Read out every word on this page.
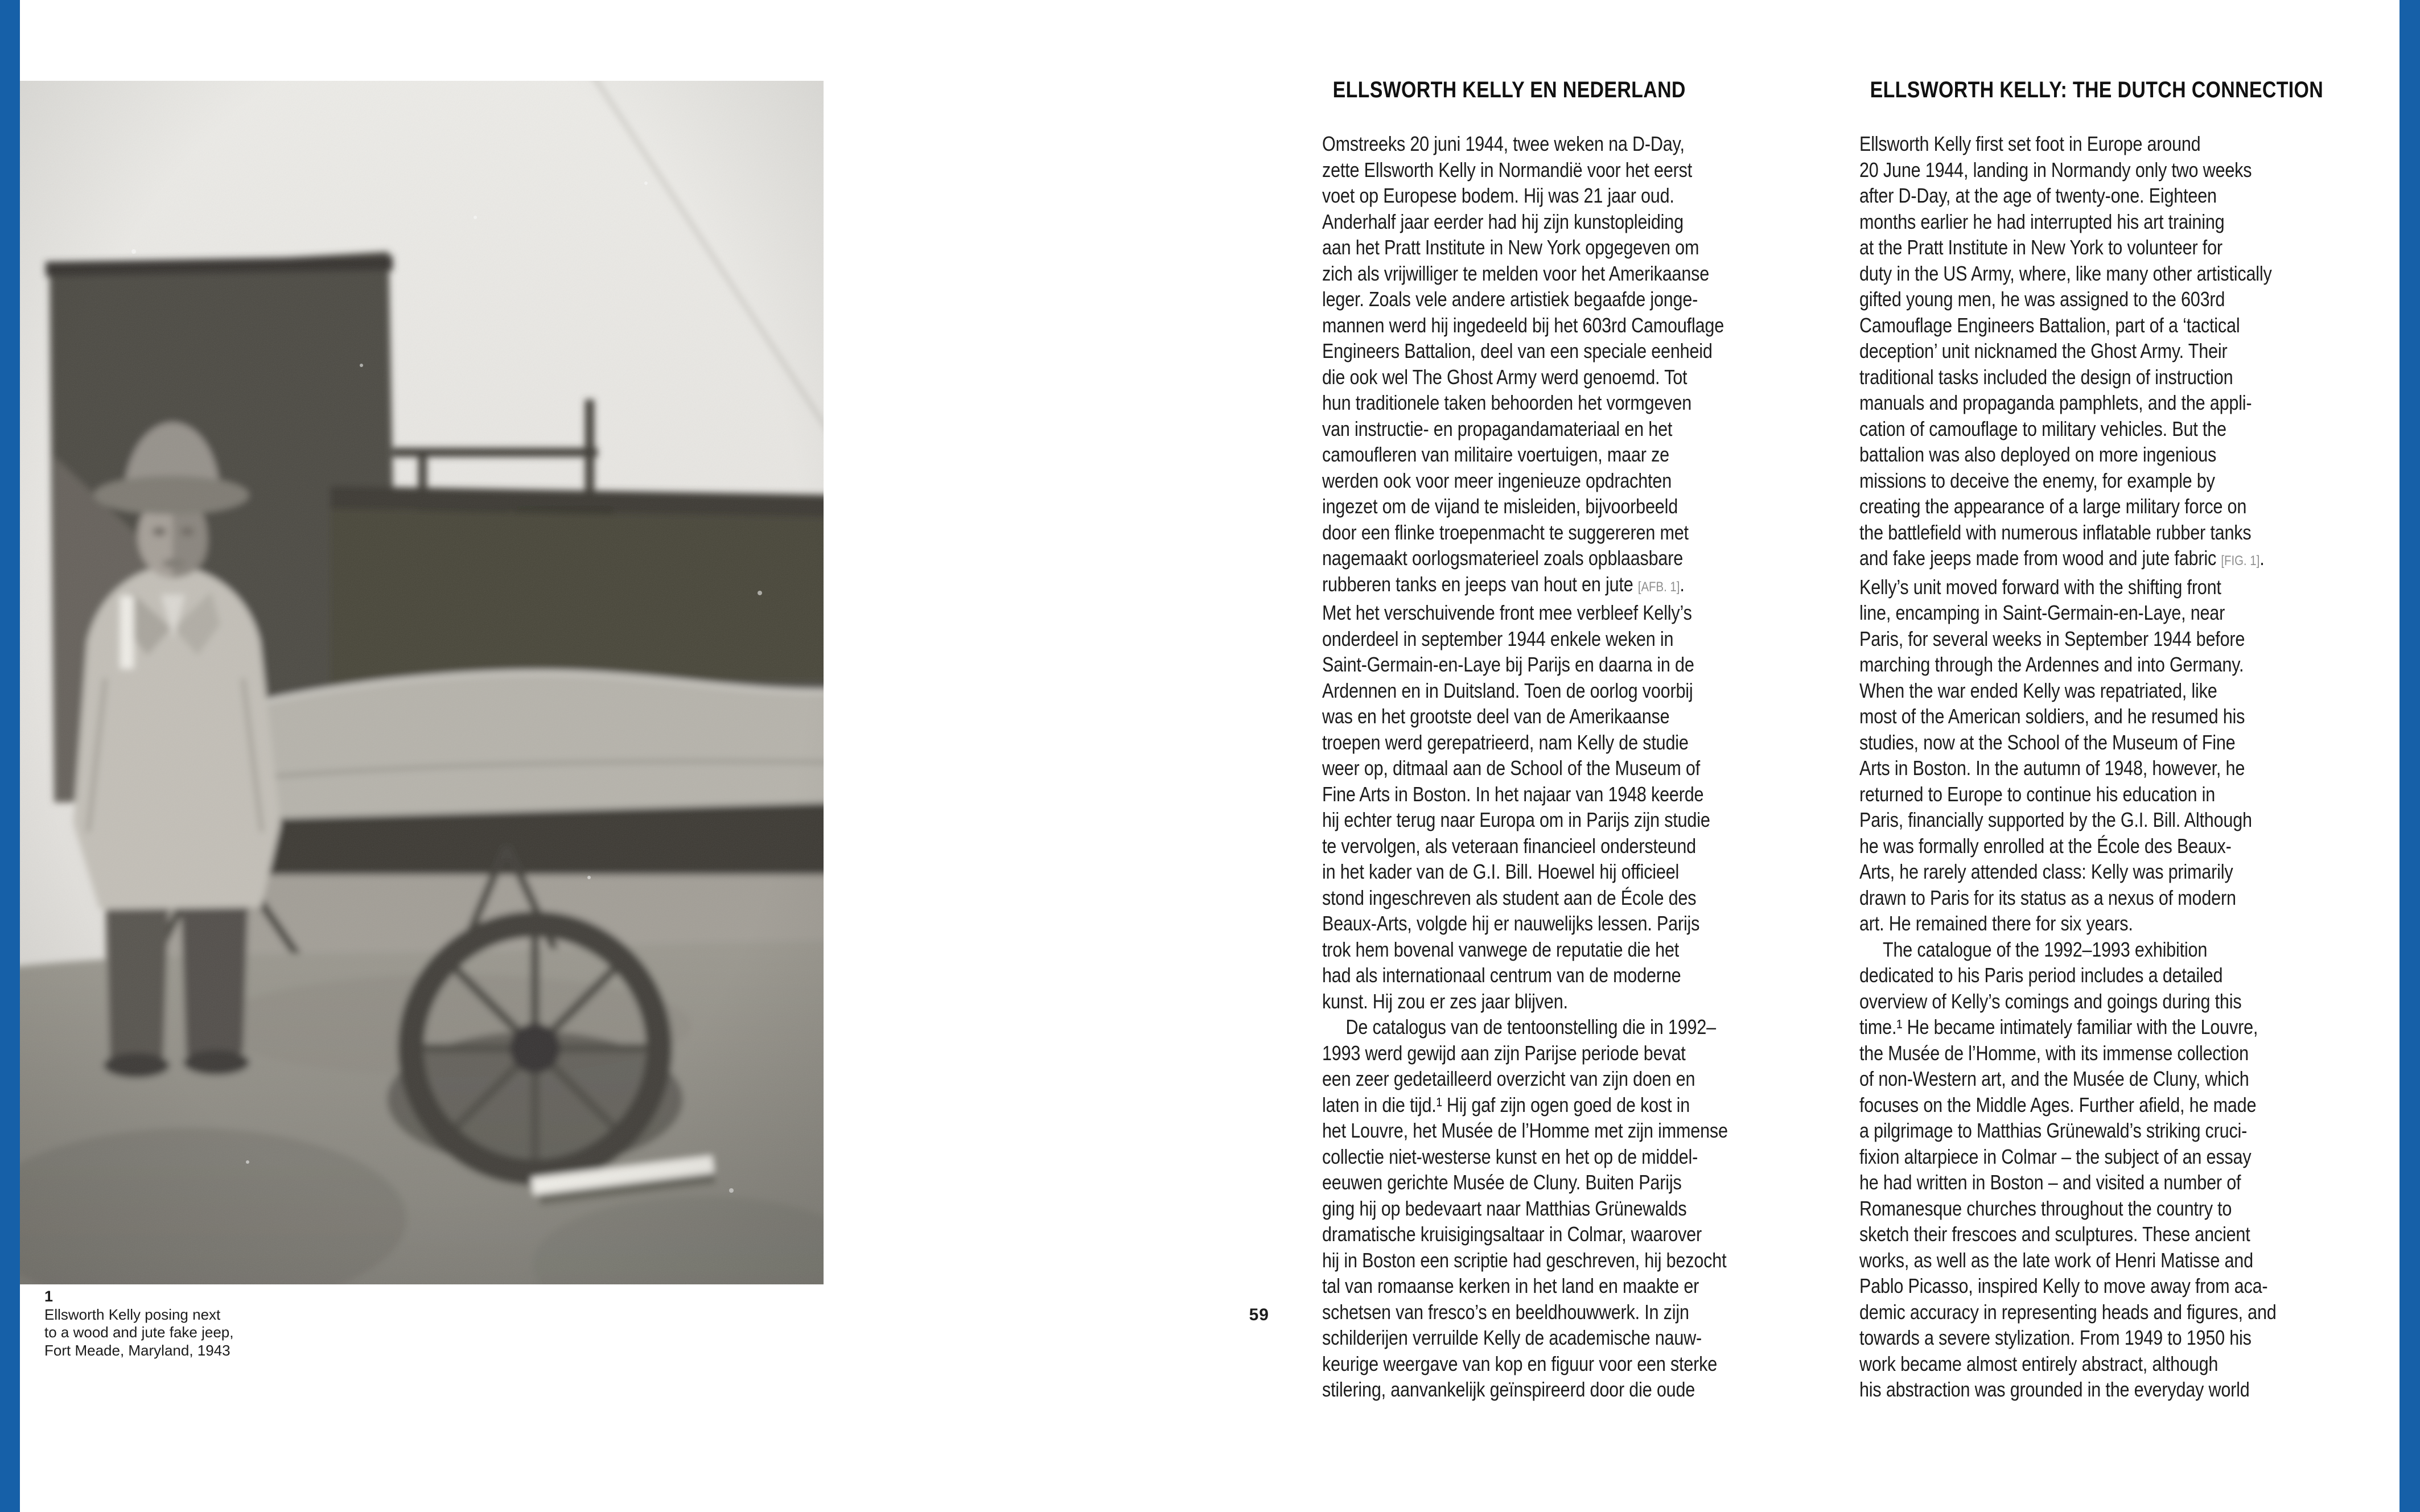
1
Ellsworth Kelly posing next
to a wood and jute fake jeep,
Fort Meade, Maryland, 1943
59
ELLSWORTH KELLY EN NEDERLAND
Omstreeks 20 juni 1944, twee weken na D-Day,
zette Ellsworth Kelly in Normandië voor het eerst
voet op Europese bodem. Hij was 21 jaar oud.
Anderhalf jaar eerder had hij zijn kunstopleiding
aan het Pratt Institute in New York opgegeven om
zich als vrijwilliger te melden voor het Amerikaanse
leger. Zoals vele andere artistiek begaafde jonge-
mannen werd hij ingedeeld bij het 603rd Camouflage
Engineers Battalion, deel van een speciale eenheid
die ook wel The Ghost Army werd genoemd. Tot
hun traditionele taken behoorden het vormgeven
van instructie- en propagandamateriaal en het
camoufleren van militaire voertuigen, maar ze
werden ook voor meer ingenieuze opdrachten
ingezet om de vijand te misleiden, bijvoorbeeld
door een flinke troepenmacht te suggereren met
nagemaakt oorlogsmaterieel zoals opblaasbare
rubberen tanks en jeeps van hout en jute [AFB. 1].
Met het verschuivende front mee verbleef Kelly’s
onderdeel in september 1944 enkele weken in
Saint-Germain-en-Laye bij Parijs en daarna in de
Ardennen en in Duitsland. Toen de oorlog voorbij
was en het grootste deel van de Amerikaanse
troepen werd gerepatrieerd, nam Kelly de studie
weer op, ditmaal aan de School of the Museum of
Fine Arts in Boston. In het najaar van 1948 keerde
hij echter terug naar Europa om in Parijs zijn studie
te vervolgen, als veteraan financieel ondersteund
in het kader van de G.I. Bill. Hoewel hij officieel
stond ingeschreven als student aan de École des
Beaux-Arts, volgde hij er nauwelijks lessen. Parijs
trok hem bovenal vanwege de reputatie die het
had als internationaal centrum van de moderne
kunst. Hij zou er zes jaar blijven.
De catalogus van de tentoonstelling die in 1992–
1993 werd gewijd aan zijn Parijse periode bevat
een zeer gedetailleerd overzicht van zijn doen en
laten in die tijd.¹ Hij gaf zijn ogen goed de kost in
het Louvre, het Musée de l’Homme met zijn immense
collectie niet-westerse kunst en het op de middel-
eeuwen gerichte Musée de Cluny. Buiten Parijs
ging hij op bedevaart naar Matthias Grünewalds
dramatische kruisigingsaltaar in Colmar, waarover
hij in Boston een scriptie had geschreven, hij bezocht
tal van romaanse kerken in het land en maakte er
schetsen van fresco’s en beeldhouwwerk. In zijn
schilderijen verruilde Kelly de academische nauw-
keurige weergave van kop en figuur voor een sterke
stilering, aanvankelijk geïnspireerd door die oude
ELLSWORTH KELLY: THE DUTCH CONNECTION
Ellsworth Kelly first set foot in Europe around
20 June 1944, landing in Normandy only two weeks
after D-Day, at the age of twenty-one. Eighteen
months earlier he had interrupted his art training
at the Pratt Institute in New York to volunteer for
duty in the US Army, where, like many other artistically
gifted young men, he was assigned to the 603rd
Camouflage Engineers Battalion, part of a ‘tactical
deception’ unit nicknamed the Ghost Army. Their
traditional tasks included the design of instruction
manuals and propaganda pamphlets, and the appli-
cation of camouflage to military vehicles. But the
battalion was also deployed on more ingenious
missions to deceive the enemy, for example by
creating the appearance of a large military force on
the battlefield with numerous inflatable rubber tanks
and fake jeeps made from wood and jute fabric [FIG. 1].
Kelly’s unit moved forward with the shifting front
line, encamping in Saint-Germain-en-Laye, near
Paris, for several weeks in September 1944 before
marching through the Ardennes and into Germany.
When the war ended Kelly was repatriated, like
most of the American soldiers, and he resumed his
studies, now at the School of the Museum of Fine
Arts in Boston. In the autumn of 1948, however, he
returned to Europe to continue his education in
Paris, financially supported by the G.I. Bill. Although
he was formally enrolled at the École des Beaux-
Arts, he rarely attended class: Kelly was primarily
drawn to Paris for its status as a nexus of modern
art. He remained there for six years.
The catalogue of the 1992–1993 exhibition
dedicated to his Paris period includes a detailed
overview of Kelly’s comings and goings during this
time.¹ He became intimately familiar with the Louvre,
the Musée de l’Homme, with its immense collection
of non-Western art, and the Musée de Cluny, which
focuses on the Middle Ages. Further afield, he made
a pilgrimage to Matthias Grünewald’s striking cruci-
fixion altarpiece in Colmar – the subject of an essay
he had written in Boston – and visited a number of
Romanesque churches throughout the country to
sketch their frescoes and sculptures. These ancient
works, as well as the late work of Henri Matisse and
Pablo Picasso, inspired Kelly to move away from aca-
demic accuracy in representing heads and figures, and
towards a severe stylization. From 1949 to 1950 his
work became almost entirely abstract, although
his abstraction was grounded in the everyday world
